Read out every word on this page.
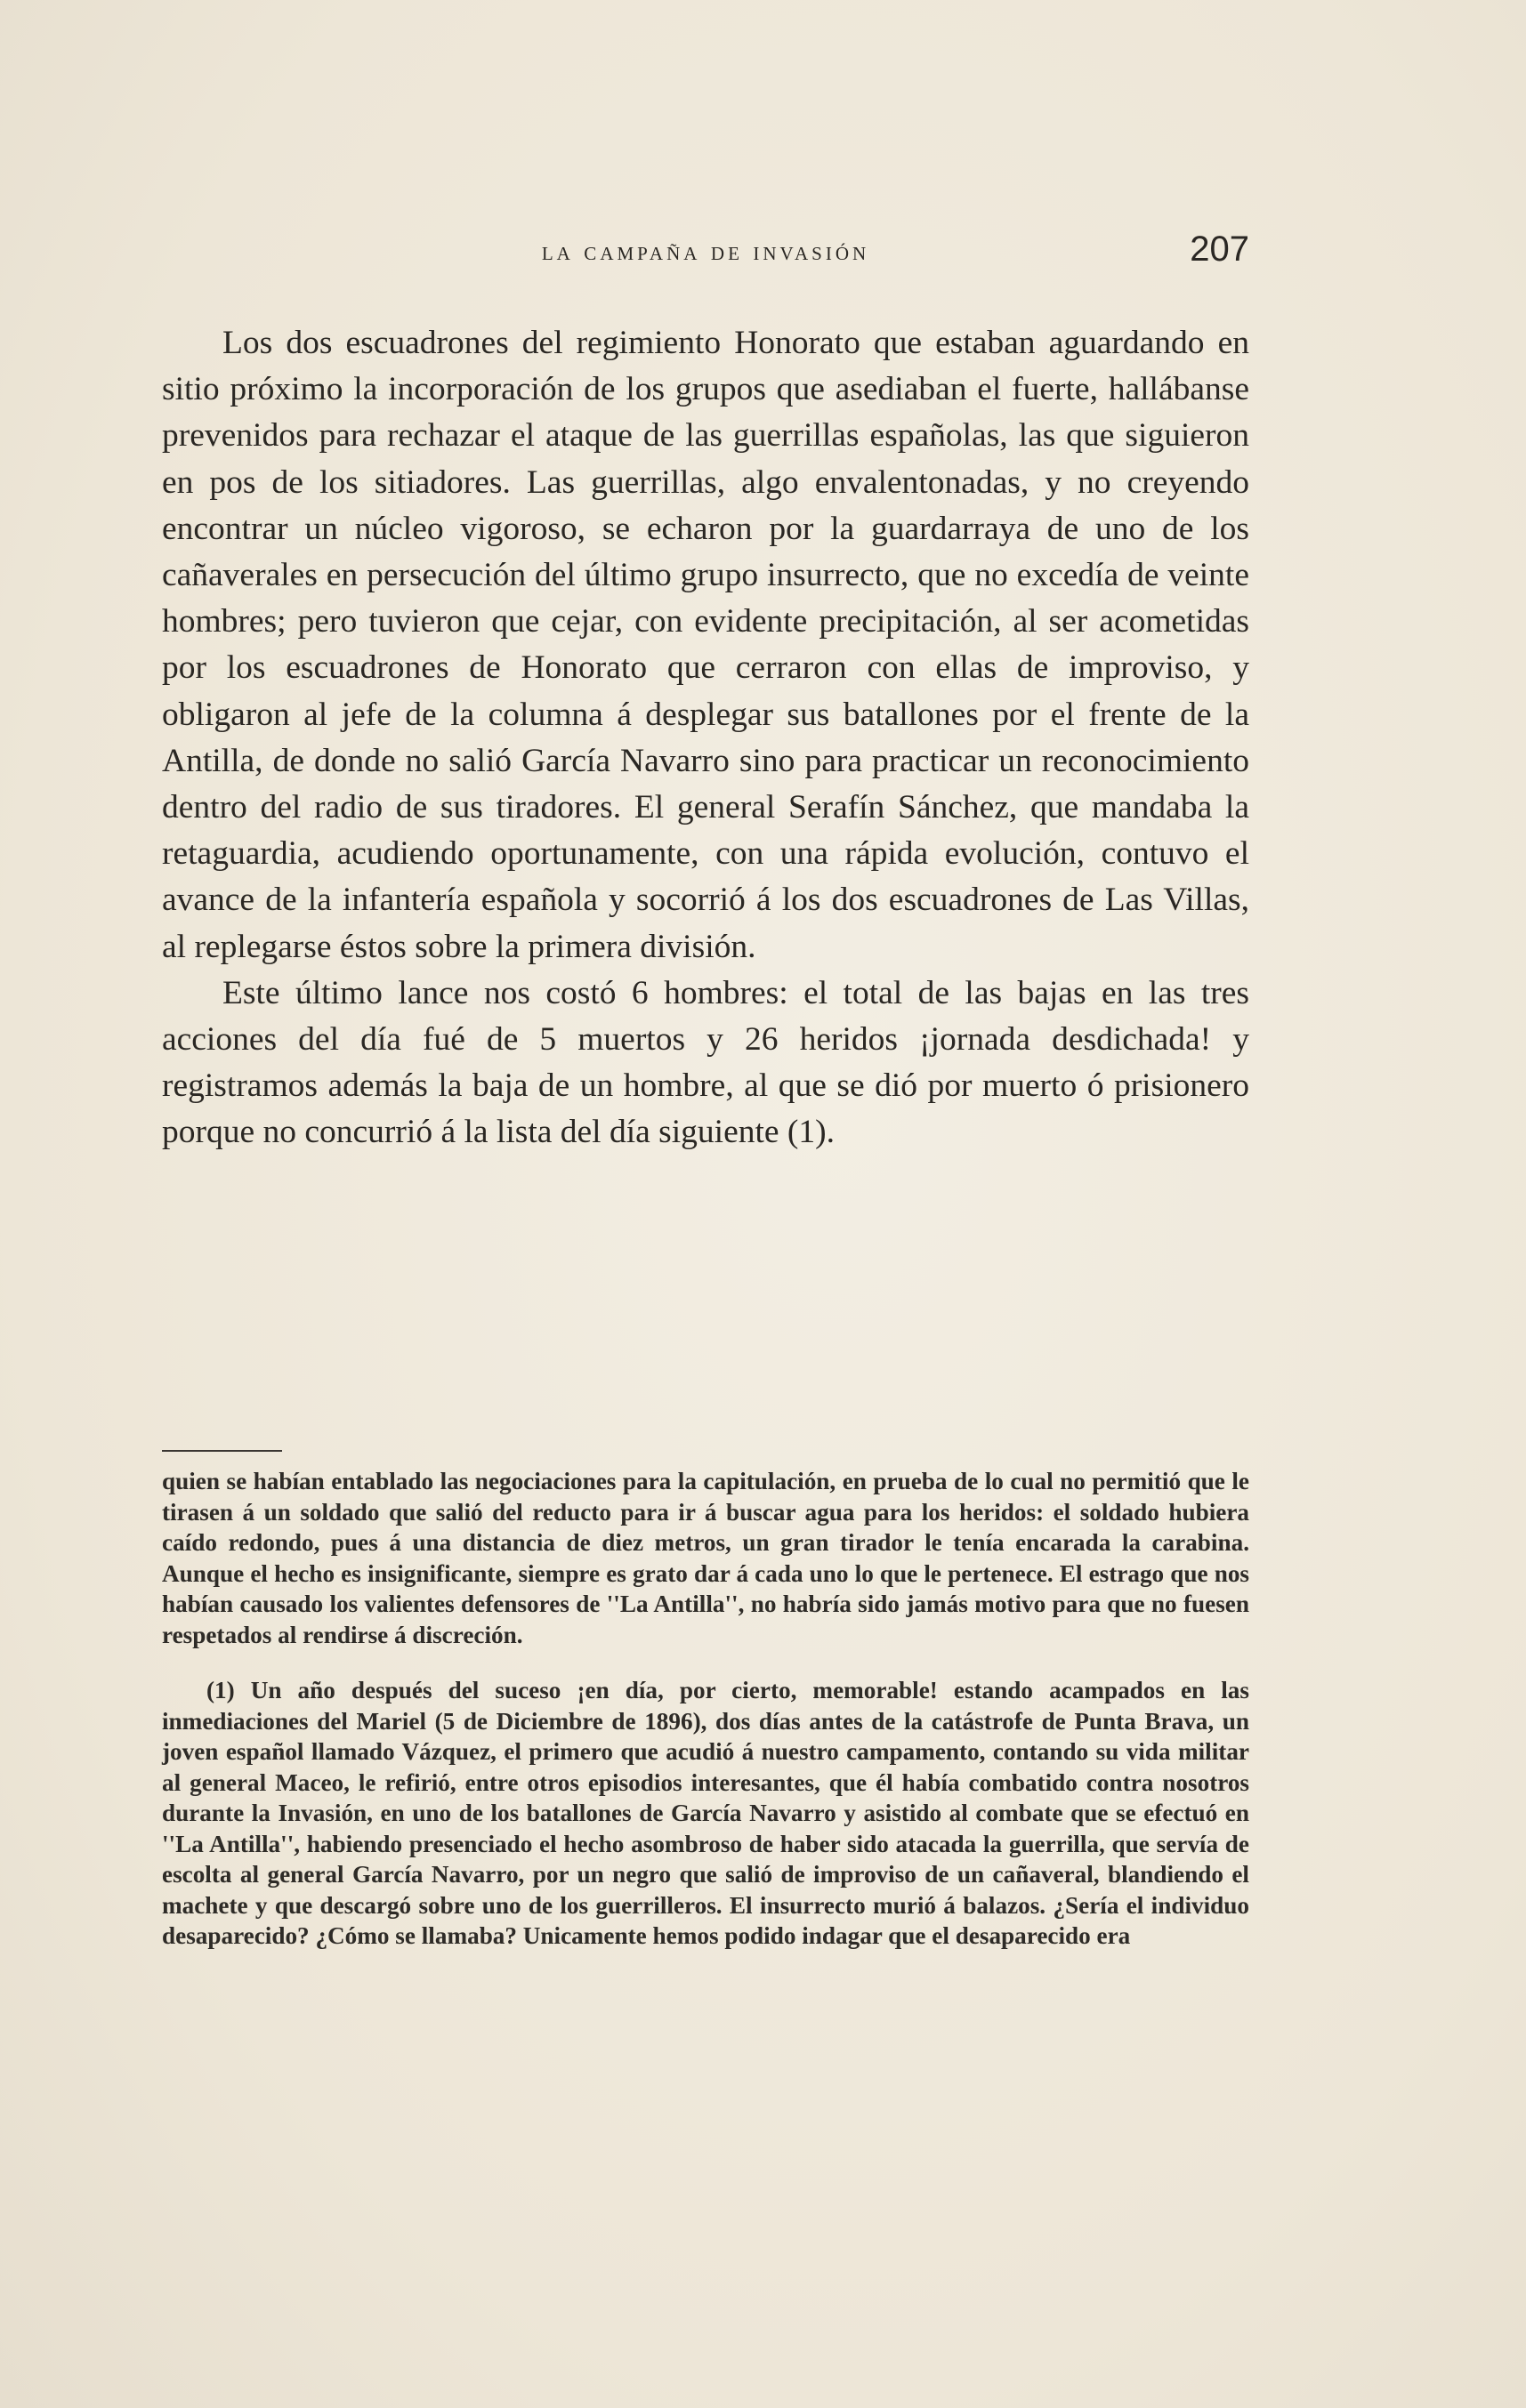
la campaña de invasión	207

Los dos escuadrones del regimiento Honorato que estaban aguardando en sitio próximo la incorporación de los grupos que asediaban el fuerte, hallábanse prevenidos para rechazar el ataque de las guerrillas españolas, las que siguieron en pos de los sitiadores. Las guerrillas, algo envalentonadas, y no creyendo encontrar un núcleo vigoroso, se echaron por la guardarraya de uno de los cañaverales en persecución del último grupo insurrecto, que no excedía de veinte hombres; pero tuvieron que cejar, con evidente precipitación, al ser acometidas por los escuadrones de Honorato que cerraron con ellas de improviso, y obligaron al jefe de la columna á desplegar sus batallones por el frente de la Antilla, de donde no salió García Navarro sino para practicar un reconocimiento dentro del radio de sus tiradores. El general Serafín Sánchez, que mandaba la retaguardia, acudiendo oportunamente, con una rápida evolución, contuvo el avance de la infantería española y socorrió á los dos escuadrones de Las Villas, al replegarse éstos sobre la primera división.

Este último lance nos costó 6 hombres: el total de las bajas en las tres acciones del día fué de 5 muertos y 26 heridos ¡jornada desdichada! y registramos además la baja de un hombre, al que se dió por muerto ó prisionero porque no concurrió á la lista del día siguiente (1).

quien se habían entablado las negociaciones para la capitulación, en prueba de lo cual no permitió que le tirasen á un soldado que salió del reducto para ir á buscar agua para los heridos: el soldado hubiera caído redondo, pues á una distancia de diez metros, un gran tirador le tenía encarada la carabina. Aunque el hecho es insignificante, siempre es grato dar á cada uno lo que le pertenece. El estrago que nos habían causado los valientes defensores de ''La Antilla'', no habría sido jamás motivo para que no fuesen respetados al rendirse á discreción.

(1) Un año después del suceso ¡en día, por cierto, memorable! estando acampados en las inmediaciones del Mariel (5 de Diciembre de 1896), dos días antes de la catástrofe de Punta Brava, un joven español llamado Vázquez, el primero que acudió á nuestro campamento, contando su vida militar al general Maceo, le refirió, entre otros episodios interesantes, que él había combatido contra nosotros durante la Invasión, en uno de los batallones de García Navarro y asistido al combate que se efectuó en ''La Antilla'', habiendo presenciado el hecho asombroso de haber sido atacada la guerrilla, que servía de escolta al general García Navarro, por un negro que salió de improviso de un cañaveral, blandiendo el machete y que descargó sobre uno de los guerrilleros. El insurrecto murió á balazos. ¿Sería el individuo desaparecido? ¿Cómo se llamaba? Unicamente hemos podido indagar que el desaparecido era
